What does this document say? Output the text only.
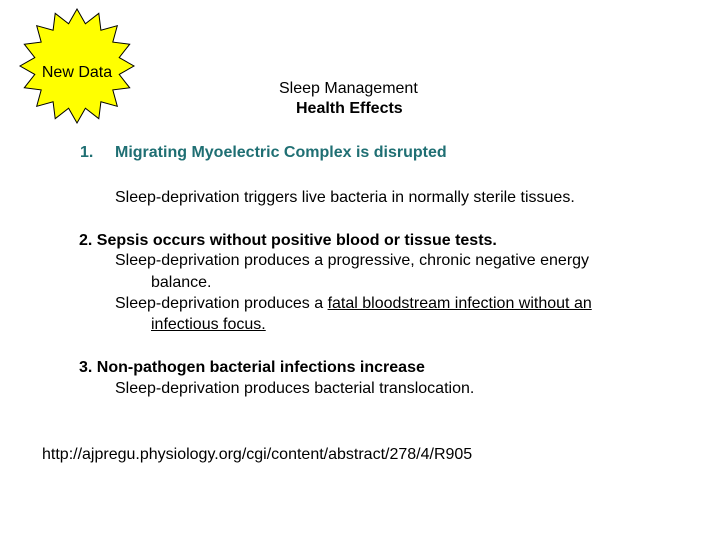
New Data
Sleep Management
Health Effects
1. Migrating Myoelectric Complex is disrupted
Sleep-deprivation triggers live bacteria in normally sterile tissues.
2. Sepsis occurs without positive blood or tissue tests.
Sleep-deprivation produces a progressive, chronic negative energy
balance.
Sleep-deprivation produces a fatal bloodstream infection without an
infectious focus.
3. Non-pathogen bacterial infections increase
Sleep-deprivation produces bacterial translocation.
http://ajpregu.physiology.org/cgi/content/abstract/278/4/R905
